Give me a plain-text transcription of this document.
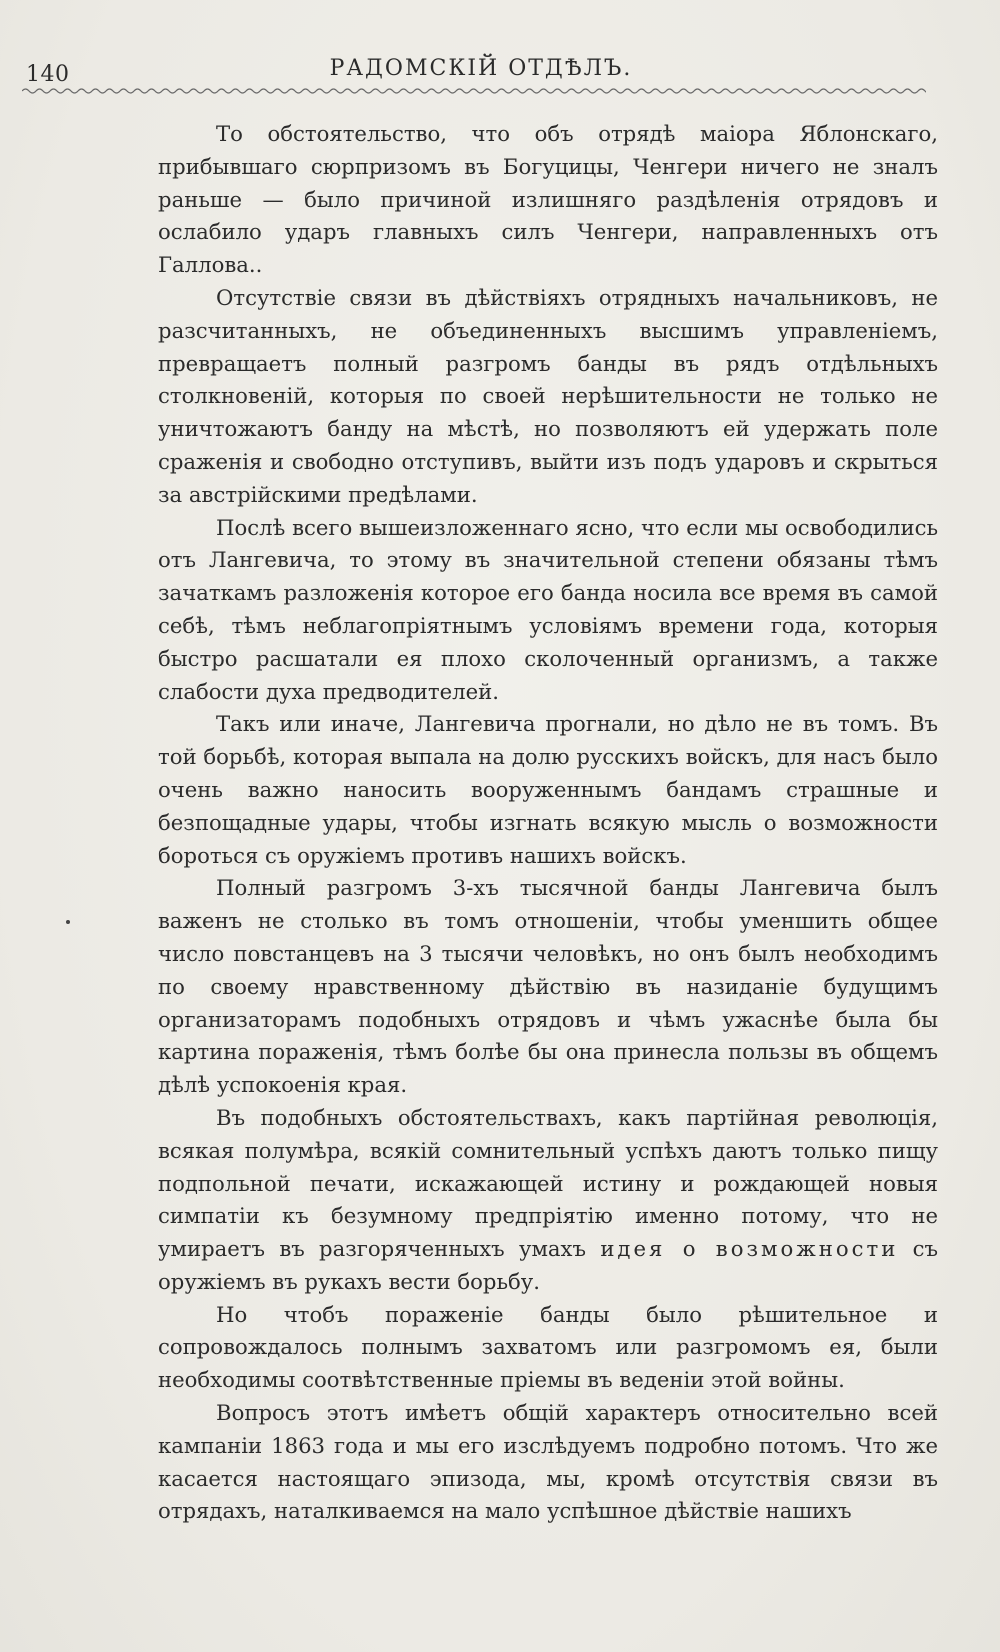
140	РАДОМСКІЙ ОТДѢЛЪ.

То обстоятельство, что объ отрядѣ маіора Яблонскаго, прибывшаго сюрпризомъ въ Богуцицы, Ченгери ничего не зналъ раньше — было причиной излишняго раздѣленія отрядовъ и ослабило ударъ главныхъ силъ Ченгери, направленныхъ отъ Галлова..

Отсутствіе связи въ дѣйствіяхъ отрядныхъ начальниковъ, не разсчитанныхъ, не объединенныхъ высшимъ управленіемъ, превращаетъ полный разгромъ банды въ рядъ отдѣльныхъ столкновеній, которыя по своей нерѣшительности не только не уничтожаютъ банду на мѣстѣ, но позволяютъ ей удержать поле сраженія и свободно отступивъ, выйти изъ подъ ударовъ и скрыться за австрійскими предѣлами.

Послѣ всего вышеизложеннаго ясно, что если мы освободились отъ Лангевича, то этому въ значительной степени обязаны тѣмъ зачаткамъ разложенія которое его банда носила все время въ самой себѣ, тѣмъ неблагопріятнымъ условіямъ времени года, которыя быстро расшатали ея плохо сколоченный организмъ, а также слабости духа предводителей.

Такъ или иначе, Лангевича прогнали, но дѣло не въ томъ. Въ той борьбѣ, которая выпала на долю русскихъ войскъ, для насъ было очень важно наносить вооруженнымъ бандамъ страшные и безпощадные удары, чтобы изгнать всякую мысль о возможности бороться съ оружіемъ противъ нашихъ войскъ.

Полный разгромъ 3-хъ тысячной банды Лангевича былъ важенъ не столько въ томъ отношеніи, чтобы уменшить общее число повстанцевъ на 3 тысячи человѣкъ, но онъ былъ необходимъ по своему нравственному дѣйствію въ назиданіе будущимъ организаторамъ подобныхъ отрядовъ и чѣмъ ужаснѣе была бы картина пораженія, тѣмъ болѣе бы она принесла пользы въ общемъ дѣлѣ успокоенія края.

Въ подобныхъ обстоятельствахъ, какъ партійная революція, всякая полумѣра, всякій сомнительный успѣхъ даютъ только пищу подпольной печати, искажающей истину и рождающей новыя симпатіи къ безумному предпріятію именно потому, что не умираетъ въ разгоряченныхъ умахъ идея о возможности съ оружіемъ въ рукахъ вести борьбу.

Но чтобъ пораженіе банды было рѣшительное и сопровождалось полнымъ захватомъ или разгромомъ ея, были необходимы соотвѣтственные пріемы въ веденіи этой войны.

Вопросъ этотъ имѣетъ общій характеръ относительно всей кампаніи 1863 года и мы его изслѣдуемъ подробно потомъ. Что же касается настоящаго эпизода, мы, кромѣ отсутствія связи въ отрядахъ, наталкиваемся на мало успѣшное дѣйствіе нашихъ
